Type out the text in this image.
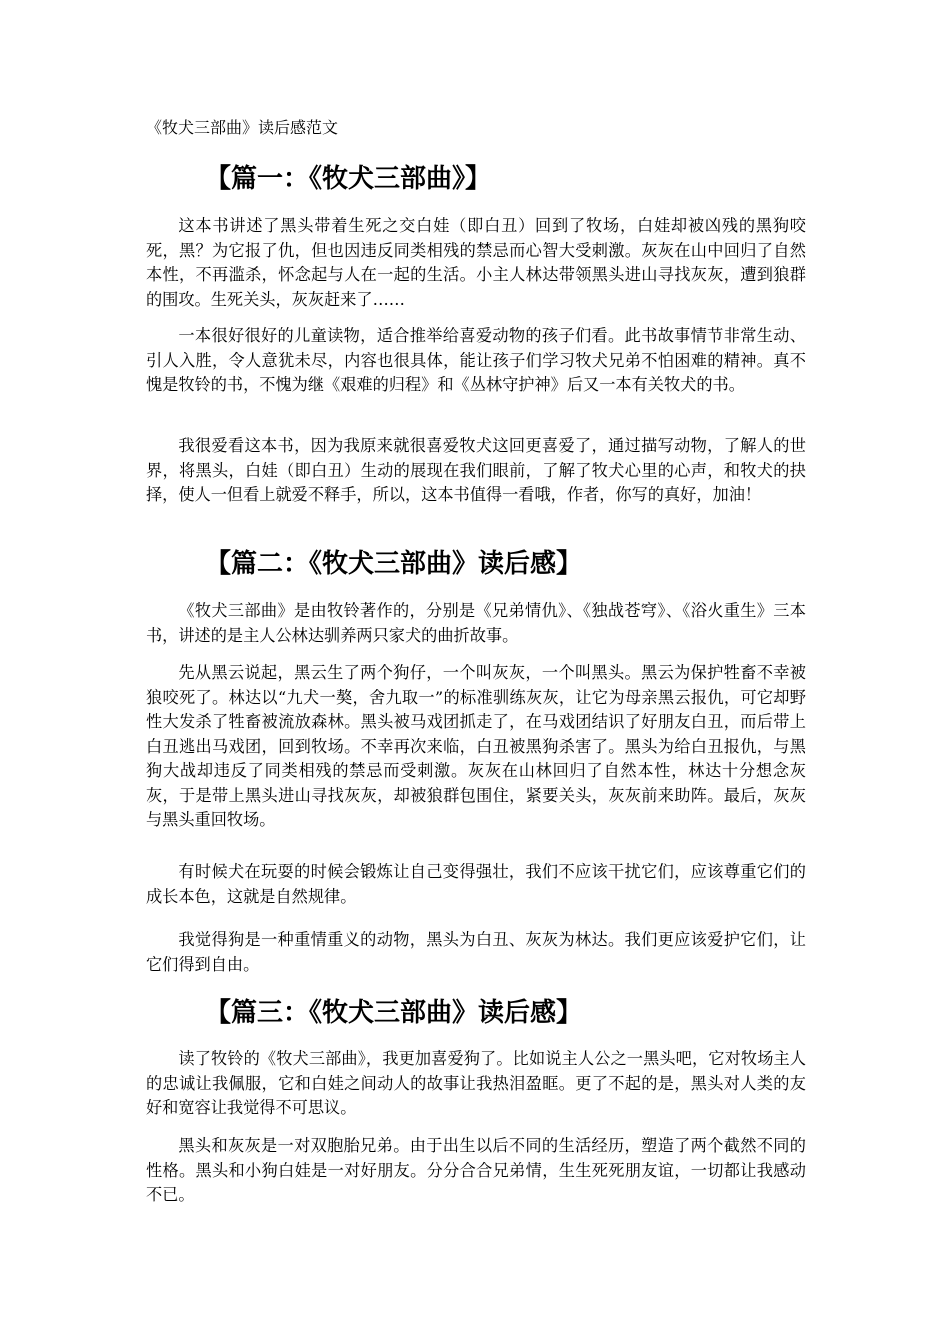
《牧犬三部曲》读后感范文

【篇一：《牧犬三部曲》】

这本书讲述了黑头带着生死之交白娃（即白丑）回到了牧场，白娃却被凶残的黑狗咬死，黑？为它报了仇，但也因违反同类相残的禁忌而心智大受刺激。灰灰在山中回归了自然本性，不再滥杀，怀念起与人在一起的生活。小主人林达带领黑头进山寻找灰灰，遭到狼群的围攻。生死关头，灰灰赶来了……

一本很好很好的儿童读物，适合推举给喜爱动物的孩子们看。此书故事情节非常生动、引人入胜，令人意犹未尽，内容也很具体，能让孩子们学习牧犬兄弟不怕困难的精神。真不愧是牧铃的书，不愧为继《艰难的归程》和《丛林守护神》后又一本有关牧犬的书。

我很爱看这本书，因为我原来就很喜爱牧犬这回更喜爱了，通过描写动物，了解人的世界，将黑头，白娃（即白丑）生动的展现在我们眼前，了解了牧犬心里的心声，和牧犬的抉择，使人一但看上就爱不释手，所以，这本书值得一看哦，作者，你写的真好，加油！

【篇二：《牧犬三部曲》读后感】

《牧犬三部曲》是由牧铃著作的，分别是《兄弟情仇》、《独战苍穹》、《浴火重生》三本书，讲述的是主人公林达驯养两只家犬的曲折故事。

先从黑云说起，黑云生了两个狗仔，一个叫灰灰，一个叫黑头。黑云为保护牲畜不幸被狼咬死了。林达以“九犬一獒，舍九取一”的标准驯练灰灰，让它为母亲黑云报仇，可它却野性大发杀了牲畜被流放森林。黑头被马戏团抓走了，在马戏团结识了好朋友白丑，而后带上白丑逃出马戏团，回到牧场。不幸再次来临，白丑被黑狗杀害了。黑头为给白丑报仇，与黑狗大战却违反了同类相残的禁忌而受刺激。灰灰在山林回归了自然本性，林达十分想念灰灰，于是带上黑头进山寻找灰灰，却被狼群包围住，紧要关头，灰灰前来助阵。最后，灰灰与黑头重回牧场。

有时候犬在玩耍的时候会锻炼让自己变得强壮，我们不应该干扰它们，应该尊重它们的成长本色，这就是自然规律。

我觉得狗是一种重情重义的动物，黑头为白丑、灰灰为林达。我们更应该爱护它们，让它们得到自由。

【篇三：《牧犬三部曲》读后感】

读了牧铃的《牧犬三部曲》，我更加喜爱狗了。比如说主人公之一黑头吧，它对牧场主人的忠诚让我佩服，它和白娃之间动人的故事让我热泪盈眶。更了不起的是，黑头对人类的友好和宽容让我觉得不可思议。

黑头和灰灰是一对双胞胎兄弟。由于出生以后不同的生活经历，塑造了两个截然不同的性格。黑头和小狗白娃是一对好朋友。分分合合兄弟情，生生死死朋友谊，一切都让我感动不已。
